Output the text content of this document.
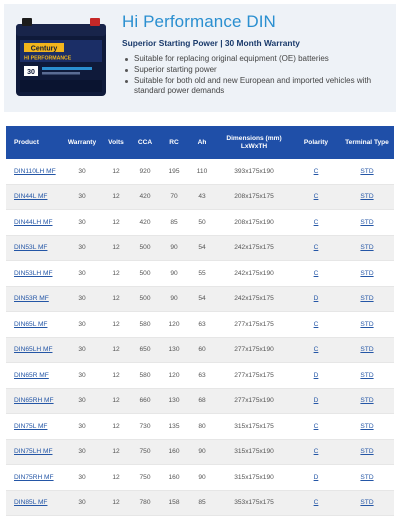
Century
HI PERFORMANCE
30
Hi Performance DIN
Superior Starting Power | 30 Month Warranty
Suitable for replacing original equipment (OE) batteries
Superior starting power
Suitable for both old and new European and imported vehicles with standard power demands
Product	Warranty	Volts	CCA	RC	Ah	Dimensions (mm) LxWxTH	Polarity	Terminal Type
DIN110LH MF	30	12	920	195	110	393x175x190	C	STD
DIN44L MF	30	12	420	70	43	208x175x175	C	STD
DIN44LH MF	30	12	420	85	50	208x175x190	C	STD
DIN53L MF	30	12	500	90	54	242x175x175	C	STD
DIN53LH MF	30	12	500	90	55	242x175x190	C	STD
DIN53R MF	30	12	500	90	54	242x175x175	D	STD
DIN65L MF	30	12	580	120	63	277x175x175	C	STD
DIN65LH MF	30	12	650	130	60	277x175x190	C	STD
DIN65R MF	30	12	580	120	63	277x175x175	D	STD
DIN65RH MF	30	12	660	130	68	277x175x190	D	STD
DIN75L MF	30	12	730	135	80	315x175x175	C	STD
DIN75LH MF	30	12	750	160	90	315x175x190	C	STD
DIN75RH MF	30	12	750	160	90	315x175x190	D	STD
DIN85L MF	30	12	780	158	85	353x175x175	C	STD
